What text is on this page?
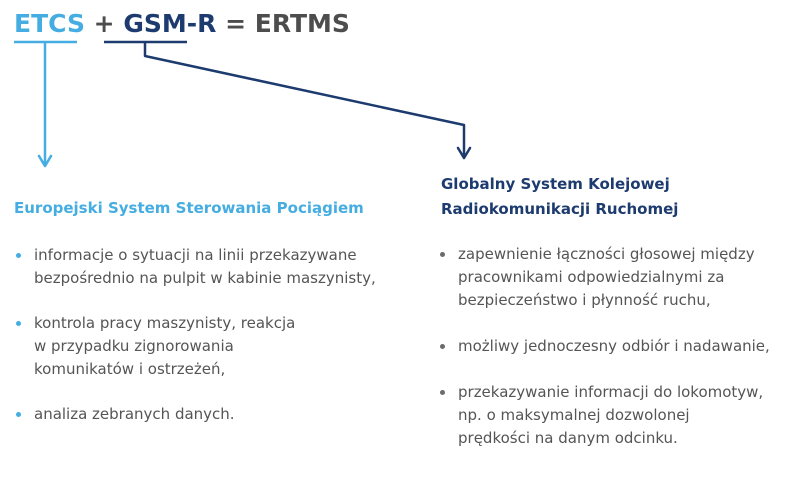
ETCS + GSM-R = ERTMS
Europejski System Sterowania Pociągiem
Globalny System Kolejowej
Radiokomunikacji Ruchomej
informacje o sytuacji na linii przekazywane
bezpośrednio na pulpit w kabinie maszynisty,
kontrola pracy maszynisty, reakcja
w przypadku zignorowania
komunikatów i ostrzeżeń,
analiza zebranych danych.
zapewnienie łączności głosowej między
pracownikami odpowiedzialnymi za
bezpieczeństwo i płynność ruchu,
możliwy jednoczesny odbiór i nadawanie,
przekazywanie informacji do lokomotyw,
np. o maksymalnej dozwolonej
prędkości na danym odcinku.
